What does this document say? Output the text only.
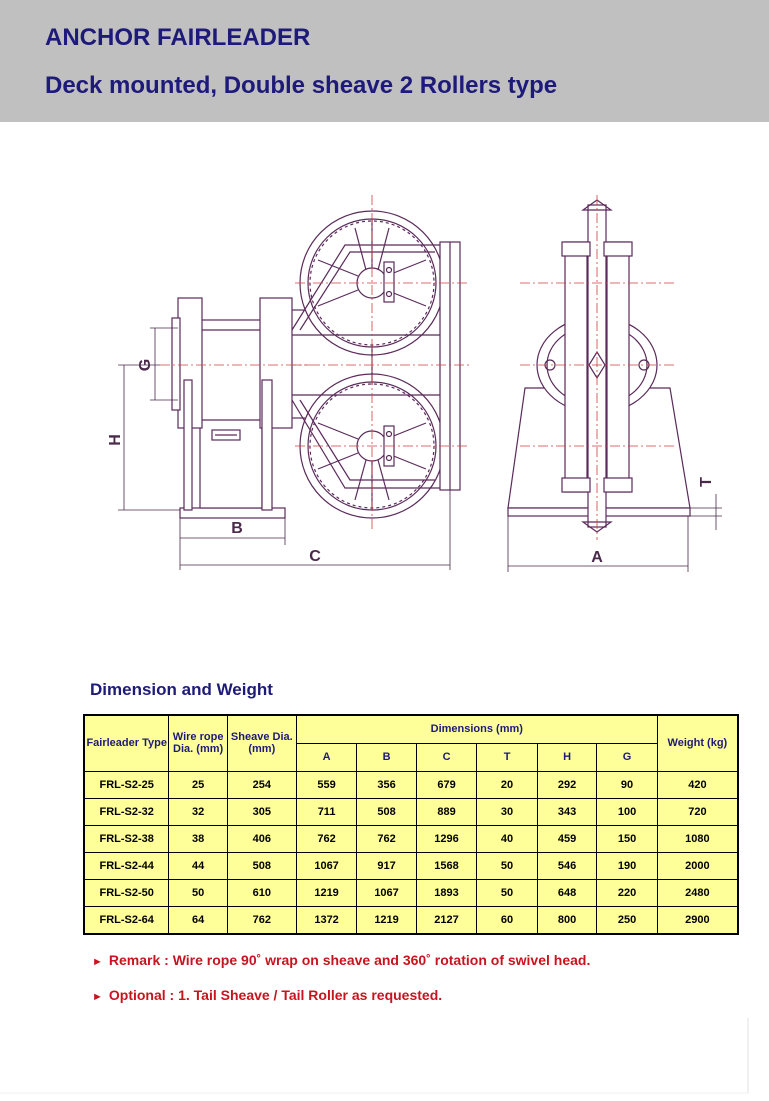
ANCHOR FAIRLEADER
Deck mounted, Double sheave 2 Rollers type
G
H
B
C	A
T
Dimension and Weight
Fairleader Type	Wire rope Dia. (mm)	Sheave Dia. (mm)	Dimensions (mm)						Weight (kg)
			A	B	C	T	H	G	
FRL-S2-25	25	254	559	356	679	20	292	90	420
FRL-S2-32	32	305	711	508	889	30	343	100	720
FRL-S2-38	38	406	762	762	1296	40	459	150	1080
FRL-S2-44	44	508	1067	917	1568	50	546	190	2000
FRL-S2-50	50	610	1219	1067	1893	50	648	220	2480
FRL-S2-64	64	762	1372	1219	2127	60	800	250	2900

► Remark : Wire rope 90˚ wrap on sheave and 360˚ rotation of swivel head.

► Optional : 1. Tail Sheave / Tail Roller as requested.
